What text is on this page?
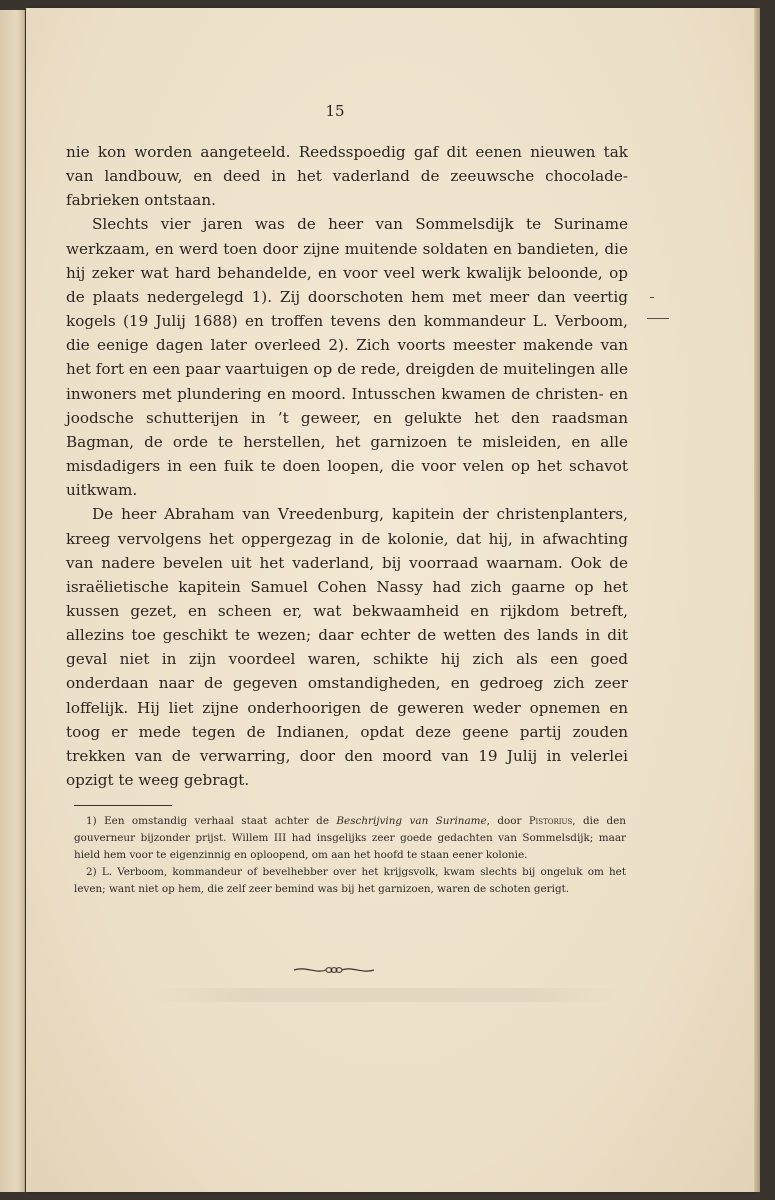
15

nie kon worden aangeteeld. Reedsspoedig gaf dit eenen nieuwen tak van landbouw, en deed in het vaderland de zeeuwsche chocolade-fabrieken ontstaan.

Slechts vier jaren was de heer van Sommelsdijk te Suriname werkzaam, en werd toen door zijne muitende soldaten en bandieten, die hij zeker wat hard behandelde, en voor veel werk kwalijk beloonde, op de plaats nedergelegd 1). Zij doorschoten hem met meer dan veertig kogels (19 Julij 1688) en troffen tevens den kommandeur L. Verboom, die eenige dagen later overleed 2). Zich voorts meester makende van het fort en een paar vaartuigen op de rede, dreigden de muitelingen alle inwoners met plundering en moord. Intusschen kwamen de christen- en joodsche schutterijen in ’t geweer, en gelukte het den raadsman Bagman, de orde te herstellen, het garnizoen te misleiden, en alle misdadigers in een fuik te doen loopen, die voor velen op het schavot uitkwam.

De heer Abraham van Vreedenburg, kapitein der christenplanters, kreeg vervolgens het oppergezag in de kolonie, dat hij, in afwachting van nadere bevelen uit het vaderland, bij voorraad waarnam. Ook de israëlietische kapitein Samuel Cohen Nassy had zich gaarne op het kussen gezet, en scheen er, wat bekwaamheid en rijkdom betreft, allezins toe geschikt te wezen; daar echter de wetten des lands in dit geval niet in zijn voordeel waren, schikte hij zich als een goed onderdaan naar de gegeven omstandigheden, en gedroeg zich zeer loffelijk. Hij liet zijne onderhoorigen de geweren weder opnemen en toog er mede tegen de Indianen, opdat deze geene partij zouden trekken van de verwarring, door den moord van 19 Julij in velerlei opzigt te weeg gebragt.

1) Een omstandig verhaal staat achter de Beschrijving van Suriname, door Pistorius, die den gouverneur bijzonder prijst. Willem III had insgelijks zeer goede gedachten van Sommelsdijk; maar hield hem voor te eigenzinnig en oploopend, om aan het hoofd te staan eener kolonie.

2) L. Verboom, kommandeur of bevelhebber over het krijgsvolk, kwam slechts bij ongeluk om het leven; want niet op hem, die zelf zeer bemind was bij het garnizoen, waren de schoten gerigt.
